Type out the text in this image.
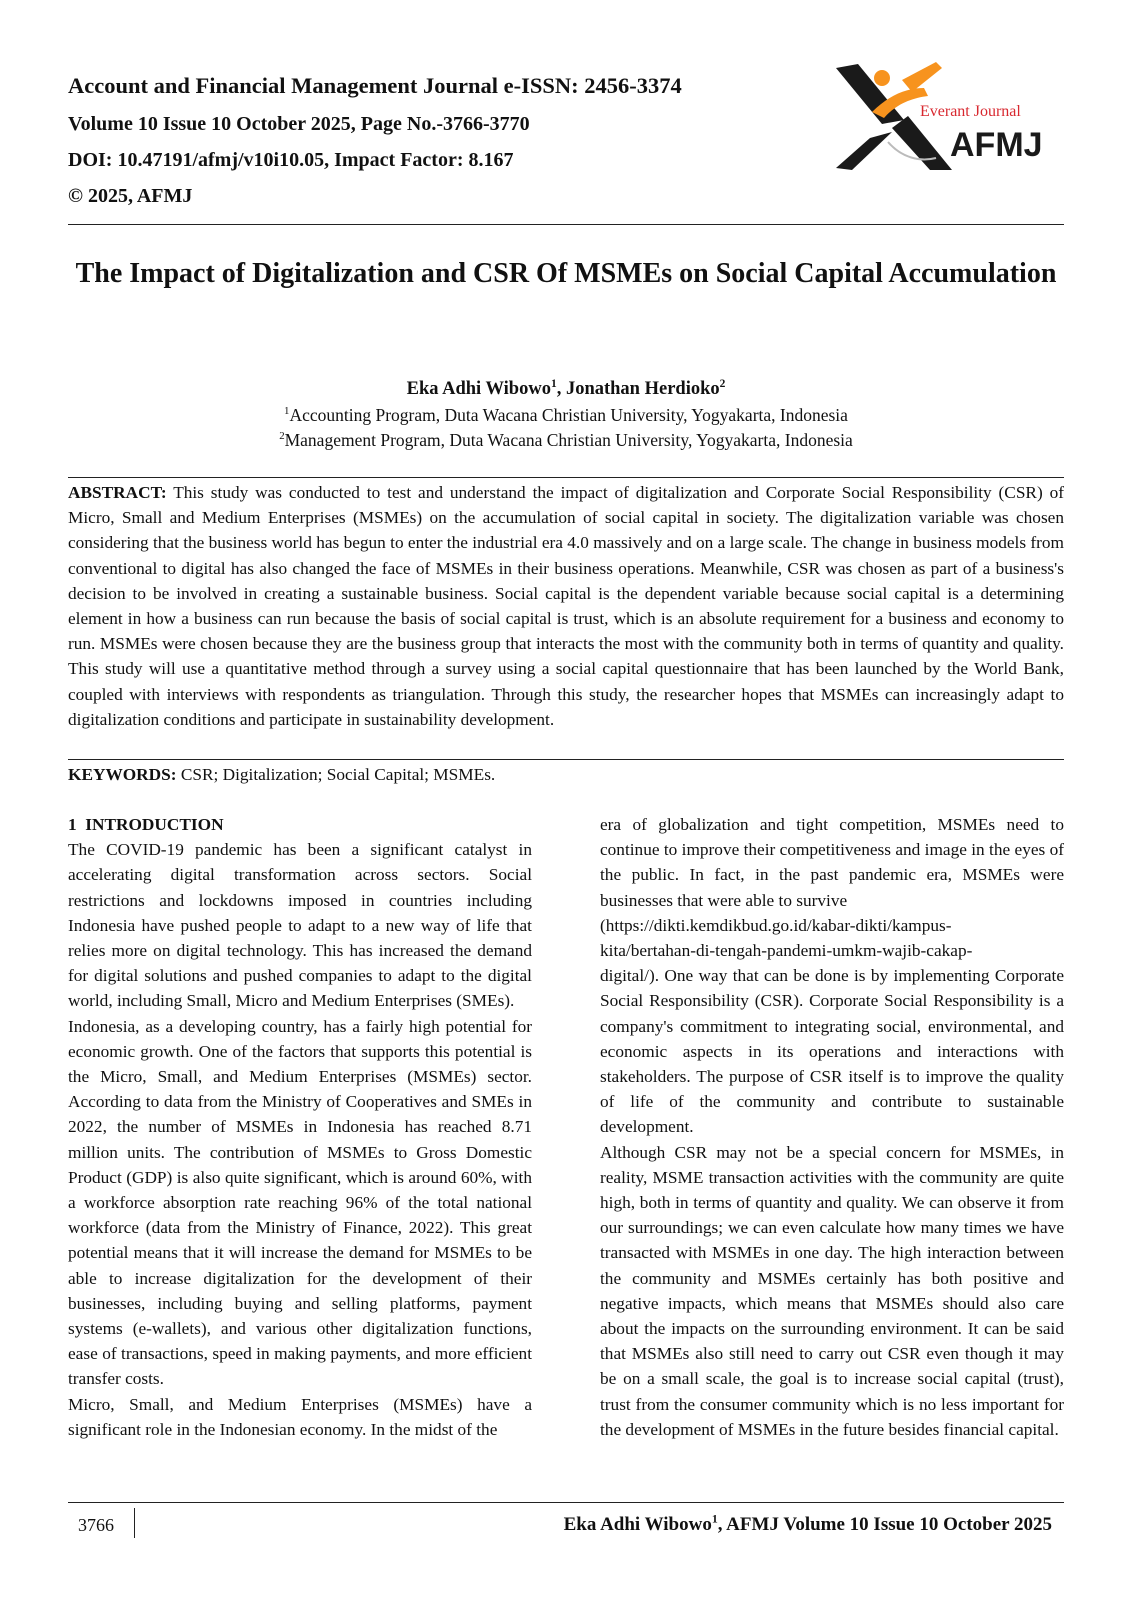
Account and Financial Management Journal e-ISSN: 2456-3374
Volume 10 Issue 10 October 2025, Page No.-3766-3770
DOI: 10.47191/afmj/v10i10.05, Impact Factor: 8.167
© 2025, AFMJ
Everant Journal
AFMJ
The Impact of Digitalization and CSR Of MSMEs on Social Capital Accumulation
Eka Adhi Wibowo$^1$, Jonathan Herdioko$^2$
$^1$Accounting Program, Duta Wacana Christian University, Yogyakarta, Indonesia
$^2$Management Program, Duta Wacana Christian University, Yogyakarta, Indonesia
ABSTRACT: This study was conducted to test and understand the impact of digitalization and Corporate Social Responsibility (CSR) of Micro, Small and Medium Enterprises (MSMEs) on the accumulation of social capital in society. The digitalization variable was chosen considering that the business world has begun to enter the industrial era 4.0 massively and on a large scale. The change in business models from conventional to digital has also changed the face of MSMEs in their business operations. Meanwhile, CSR was chosen as part of a business's decision to be involved in creating a sustainable business. Social capital is the dependent variable because social capital is a determining element in how a business can run because the basis of social capital is trust, which is an absolute requirement for a business and economy to run. MSMEs were chosen because they are the business group that interacts the most with the community both in terms of quantity and quality. This study will use a quantitative method through a survey using a social capital questionnaire that has been launched by the World Bank, coupled with interviews with respondents as triangulation. Through this study, the researcher hopes that MSMEs can increasingly adapt to digitalization conditions and participate in sustainability development.
KEYWORDS: CSR; Digitalization; Social Capital; MSMEs.
1 INTRODUCTION

The COVID-19 pandemic has been a significant catalyst in accelerating digital transformation across sectors. Social restrictions and lockdowns imposed in countries including Indonesia have pushed people to adapt to a new way of life that relies more on digital technology. This has increased the demand for digital solutions and pushed companies to adapt to the digital world, including Small, Micro and Medium Enterprises (SMEs).

Indonesia, as a developing country, has a fairly high potential for economic growth. One of the factors that supports this potential is the Micro, Small, and Medium Enterprises (MSMEs) sector. According to data from the Ministry of Cooperatives and SMEs in 2022, the number of MSMEs in Indonesia has reached 8.71 million units. The contribution of MSMEs to Gross Domestic Product (GDP) is also quite significant, which is around 60%, with a workforce absorption rate reaching 96% of the total national workforce (data from the Ministry of Finance, 2022). This great potential means that it will increase the demand for MSMEs to be able to increase digitalization for the development of their businesses, including buying and selling platforms, payment systems (e-wallets), and various other digitalization functions, ease of transactions, speed in making payments, and more efficient transfer costs.

Micro, Small, and Medium Enterprises (MSMEs) have a significant role in the Indonesian economy. In the midst of the

era of globalization and tight competition, MSMEs need to continue to improve their competitiveness and image in the eyes of the public. In fact, in the past pandemic era, MSMEs were businesses that were able to survive

(https://dikti.kemdikbud.go.id/kabar-dikti/kampus-
kita/bertahan-di-tengah-pandemi-umkm-wajib-cakap-

digital/). One way that can be done is by implementing Corporate Social Responsibility (CSR). Corporate Social Responsibility is a company's commitment to integrating social, environmental, and economic aspects in its operations and interactions with stakeholders. The purpose of CSR itself is to improve the quality of life of the community and contribute to sustainable development.

Although CSR may not be a special concern for MSMEs, in reality, MSME transaction activities with the community are quite high, both in terms of quantity and quality. We can observe it from our surroundings; we can even calculate how many times we have transacted with MSMEs in one day. The high interaction between the community and MSMEs certainly has both positive and negative impacts, which means that MSMEs should also care about the impacts on the surrounding environment. It can be said that MSMEs also still need to carry out CSR even though it may be on a small scale, the goal is to increase social capital (trust), trust from the consumer community which is no less important for the development of MSMEs in the future besides financial capital.

3766	Eka Adhi Wibowo$^1$, AFMJ Volume 10 Issue 10 October 2025
